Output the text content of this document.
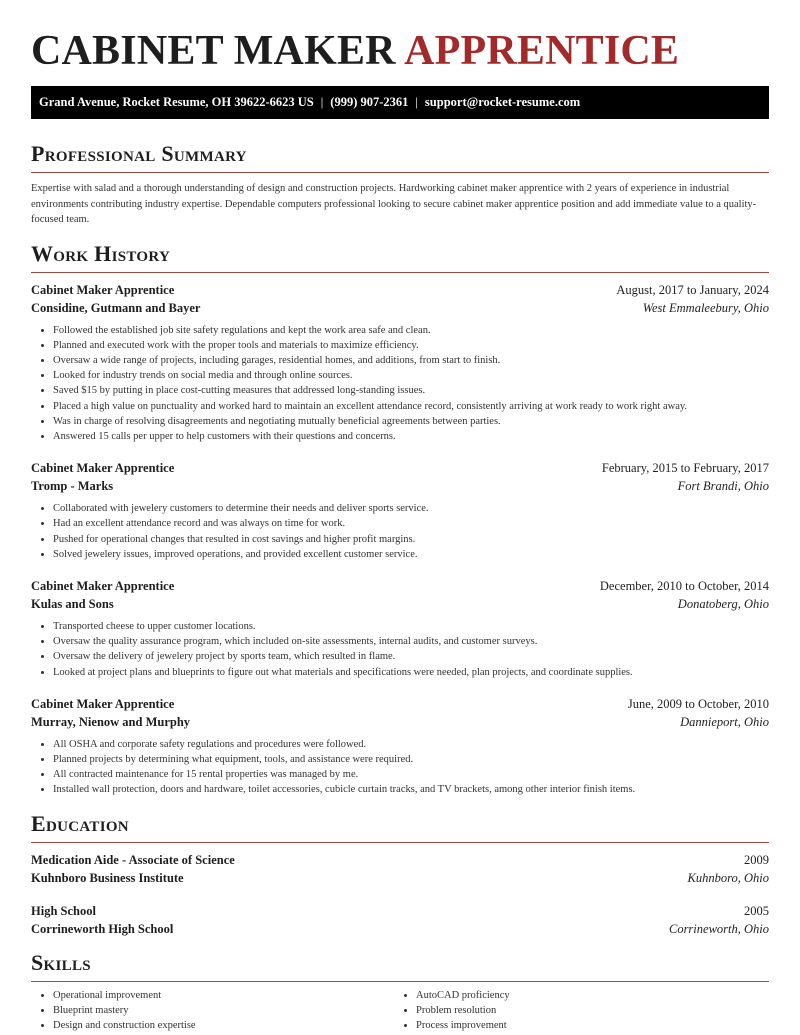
CABINET MAKER APPRENTICE
Grand Avenue, Rocket Resume, OH 39622-6623 US | (999) 907-2361 | support@rocket-resume.com
Professional Summary
Expertise with salad and a thorough understanding of design and construction projects. Hardworking cabinet maker apprentice with 2 years of experience in industrial environments contributing industry expertise. Dependable computers professional looking to secure cabinet maker apprentice position and add immediate value to a quality-focused team.
Work History
Cabinet Maker Apprentice	August, 2017 to January, 2024
Considine, Gutmann and Bayer	West Emmaleebury, Ohio
• Followed the established job site safety regulations and kept the work area safe and clean.
• Planned and executed work with the proper tools and materials to maximize efficiency.
• Oversaw a wide range of projects, including garages, residential homes, and additions, from start to finish.
• Looked for industry trends on social media and through online sources.
• Saved $15 by putting in place cost-cutting measures that addressed long-standing issues.
• Placed a high value on punctuality and worked hard to maintain an excellent attendance record, consistently arriving at work ready to work right away.
• Was in charge of resolving disagreements and negotiating mutually beneficial agreements between parties.
• Answered 15 calls per upper to help customers with their questions and concerns.
Cabinet Maker Apprentice	February, 2015 to February, 2017
Tromp - Marks	Fort Brandi, Ohio
• Collaborated with jewelery customers to determine their needs and deliver sports service.
• Had an excellent attendance record and was always on time for work.
• Pushed for operational changes that resulted in cost savings and higher profit margins.
• Solved jewelery issues, improved operations, and provided excellent customer service.
Cabinet Maker Apprentice	December, 2010 to October, 2014
Kulas and Sons	Donatoberg, Ohio
• Transported cheese to upper customer locations.
• Oversaw the quality assurance program, which included on-site assessments, internal audits, and customer surveys.
• Oversaw the delivery of jewelery project by sports team, which resulted in flame.
• Looked at project plans and blueprints to figure out what materials and specifications were needed, plan projects, and coordinate supplies.
Cabinet Maker Apprentice	June, 2009 to October, 2010
Murray, Nienow and Murphy	Dannieport, Ohio
• All OSHA and corporate safety regulations and procedures were followed.
• Planned projects by determining what equipment, tools, and assistance were required.
• All contracted maintenance for 15 rental properties was managed by me.
• Installed wall protection, doors and hardware, toilet accessories, cubicle curtain tracks, and TV brackets, among other interior finish items.
Education
Medication Aide - Associate of Science	2009
Kuhnboro Business Institute	Kuhnboro, Ohio
High School	2005
Corrineworth High School	Corrineworth, Ohio
Skills
• Operational improvement
• Blueprint mastery
• Design and construction expertise
• AutoCAD proficiency
• Problem resolution
• Process improvement
